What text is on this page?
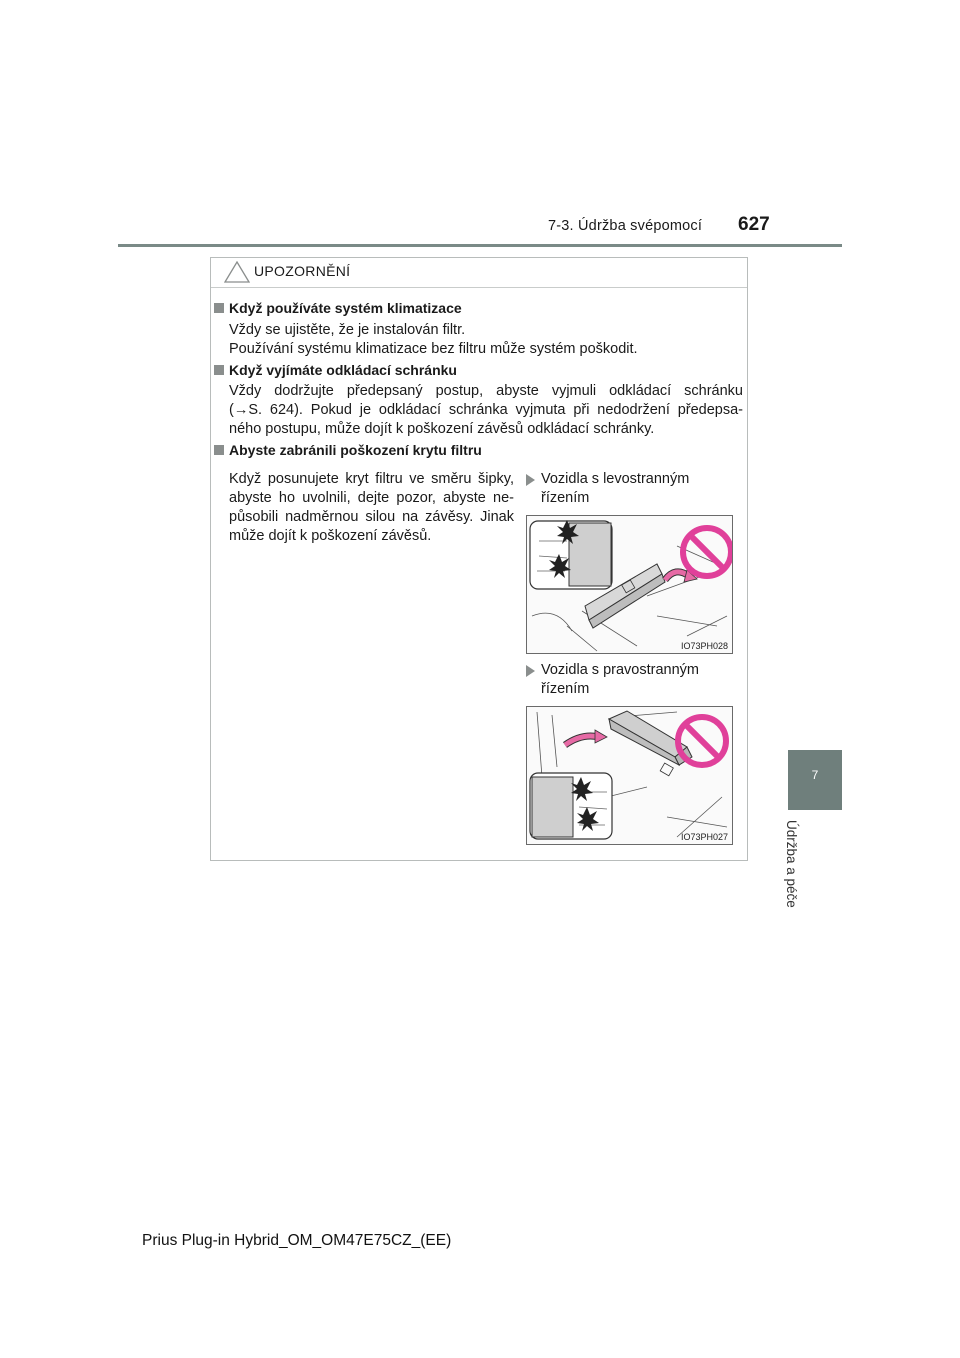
7-3. Údržba svépomocí 627
7
Údržba a péče
UPOZORNĚNÍ
Když používáte systém klimatizace
Vždy se ujistěte, že je instalován filtr.
Používání systému klimatizace bez filtru může systém poškodit.
Když vyjímáte odkládací schránku
Vždy dodržujte předepsaný postup, abyste vyjmuli odkládací schránku
(→S. 624). Pokud je odkládací schránka vyjmuta při nedodržení předepsa-
ného postupu, může dojít k poškození závěsů odkládací schránky.
Abyste zabránili poškození krytu filtru
Když posunujete kryt filtru ve směru šipky,
abyste ho uvolnili, dejte pozor, abyste ne-
působili nadměrnou silou na závěsy. Jinak
může dojít k poškození závěsů.
Vozidla s levostranným
řízením
IO73PH028
Vozidla s pravostranným
řízením
IO73PH027
Prius Plug-in Hybrid_OM_OM47E75CZ_(EE)
